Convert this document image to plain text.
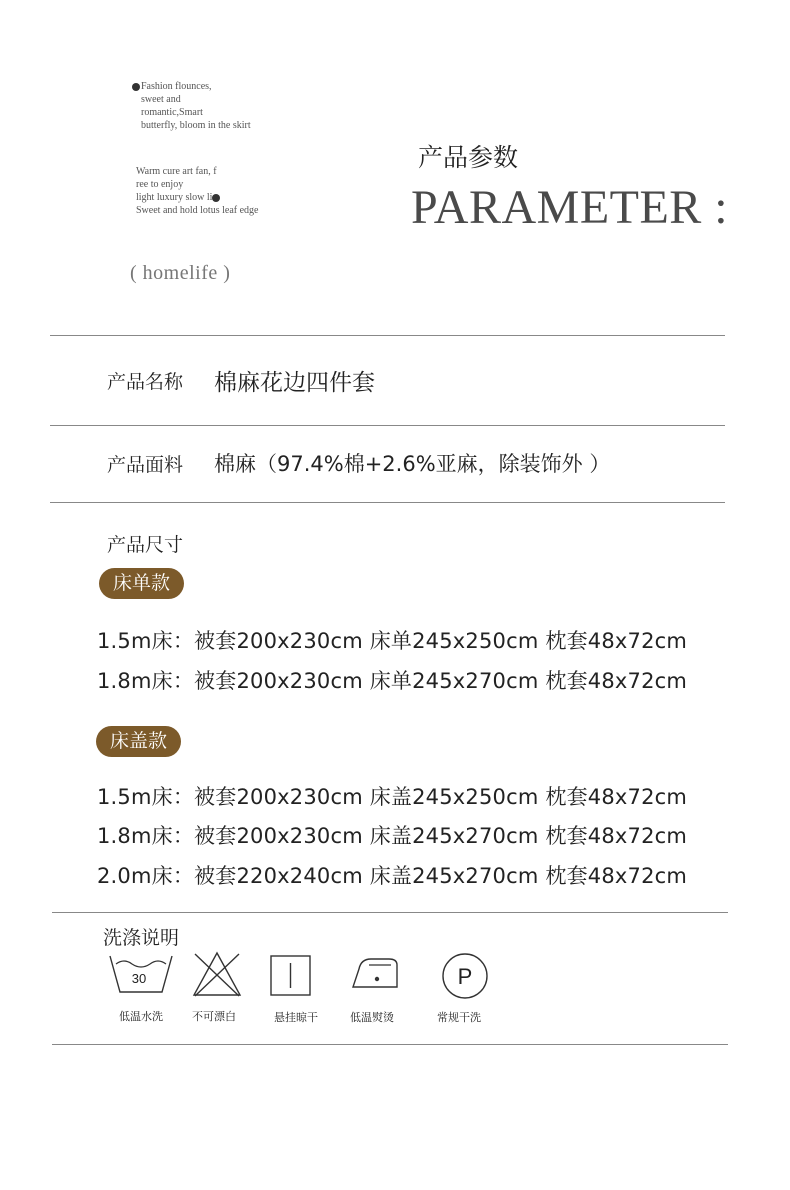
Fashion flounces,
sweet and
romantic,Smart
butterfly, bloom in the skirt
Warm cure art fan, f
ree to enjoy
light luxury slow li
Sweet and hold lotus leaf edge
( homelife )
产品参数
PARAMETER :
产品名称 棉麻花边四件套
产品面料 棉麻（97.4%棉+2.6%亚麻，除装饰外 ）
产品尺寸
床单款
1.5m床：被套200x230cm 床单245x250cm 枕套48x72cm
1.8m床：被套200x230cm 床单245x270cm 枕套48x72cm
床盖款
1.5m床：被套200x230cm 床盖245x250cm 枕套48x72cm
1.8m床：被套200x230cm 床盖245x270cm 枕套48x72cm
2.0m床：被套220x240cm 床盖245x270cm 枕套48x72cm
洗涤说明
30
低温水洗	不可漂白	悬挂晾干	低温熨烫
P
常规干洗
